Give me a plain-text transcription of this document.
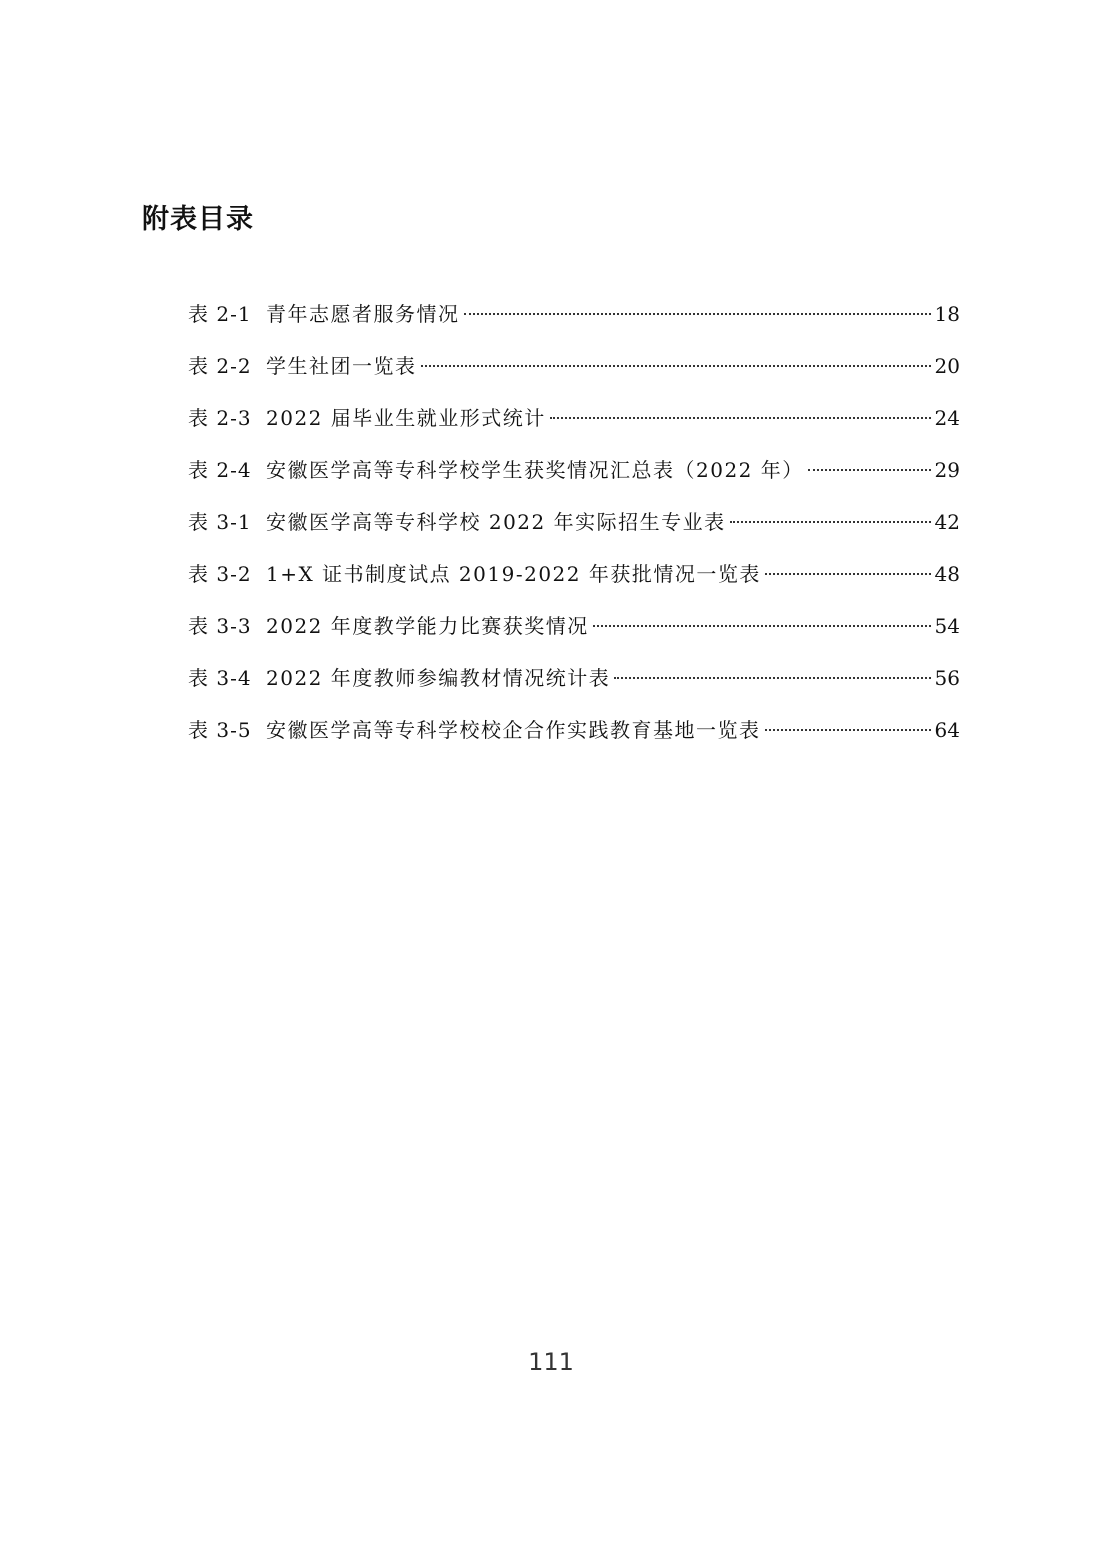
附表目录
表 2-1 青年志愿者服务情况	18
表 2-2 学生社团一览表	20
表 2-3 2022 届毕业生就业形式统计	24
表 2-4 安徽医学高等专科学校学生获奖情况汇总表（2022 年）	29
表 3-1 安徽医学高等专科学校 2022 年实际招生专业表	42
表 3-2 1+X 证书制度试点 2019-2022 年获批情况一览表	48
表 3-3 2022 年度教学能力比赛获奖情况	54
表 3-4 2022 年度教师参编教材情况统计表	56
表 3-5 安徽医学高等专科学校校企合作实践教育基地一览表	64

111
